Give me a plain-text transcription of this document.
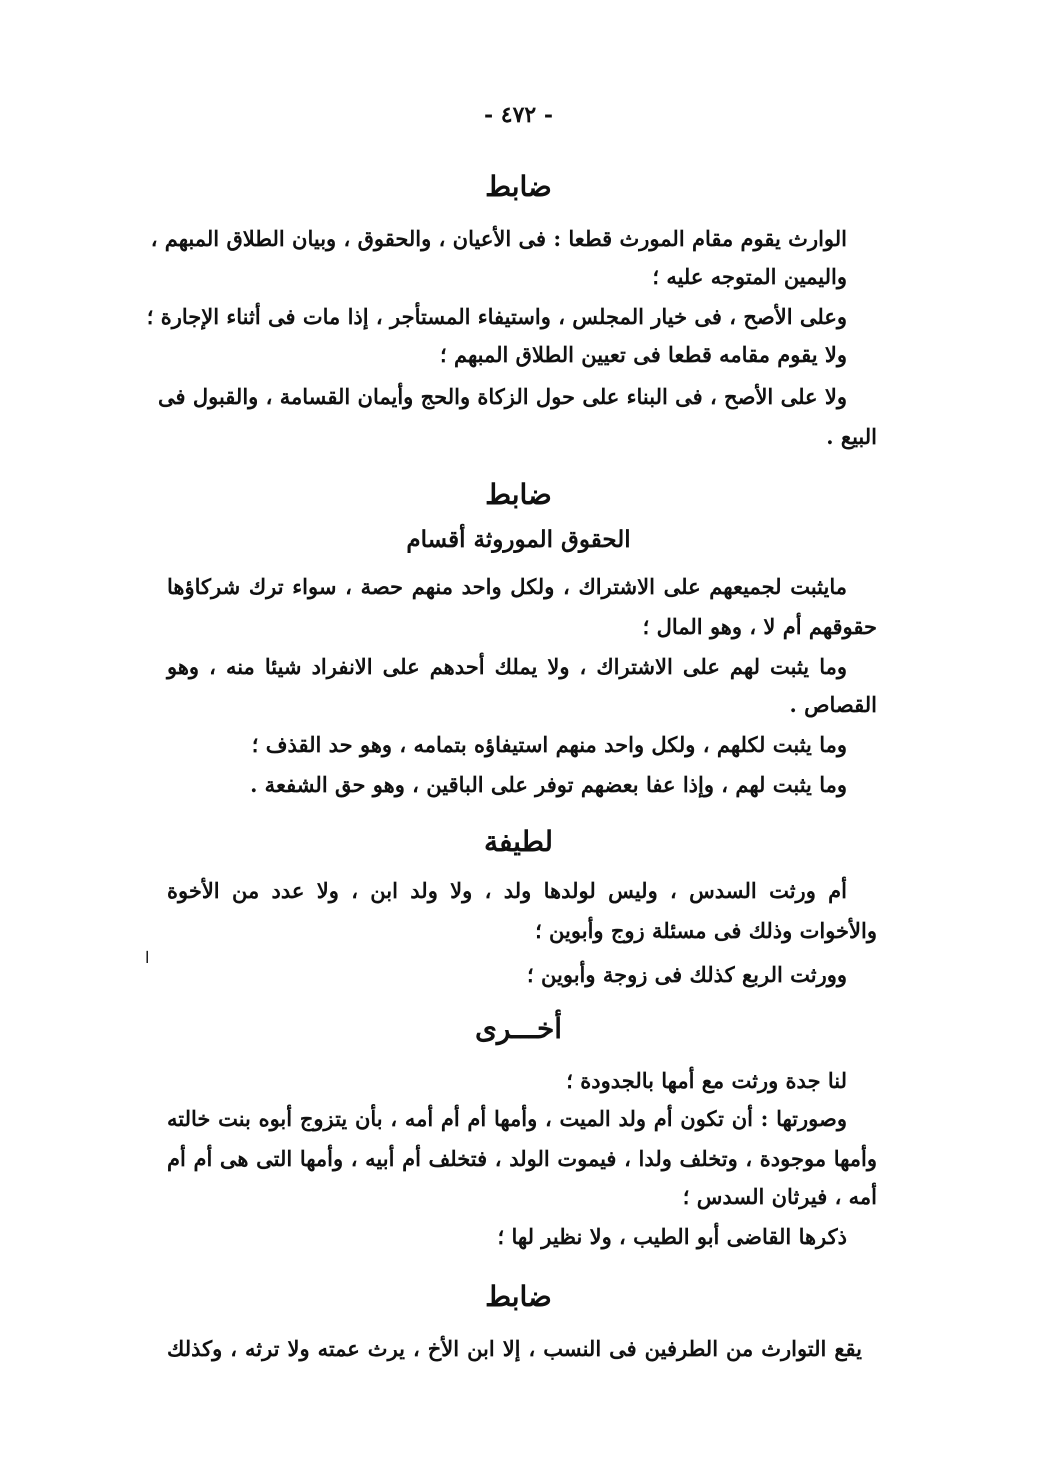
- ٤٧٢ -
ضابط
الوارث يقوم مقام المورث قطعا : فى الأعيان ، والحقوق ، وبيان الطلاق المبهم ،
واليمين المتوجه عليه ؛
وعلى الأصح ، فى خيار المجلس ، واستيفاء المستأجر ، إذا مات فى أثناء الإجارة ؛
ولا يقوم مقامه قطعا فى تعيين الطلاق المبهم ؛
ولا على الأصح ، فى البناء على حول الزكاة والحج وأيمان القسامة ، والقبول فى
البيع .
ضابط
الحقوق الموروثة أقسام
مايثبت لجميعهم على الاشتراك ، ولكل واحد منهم حصة ، سواء ترك شركاؤها
حقوقهم أم لا ، وهو المال ؛
وما يثبت لهم على الاشتراك ، ولا يملك أحدهم على الانفراد شيئا منه ، وهو
القصاص .
وما يثبت لكلهم ، ولكل واحد منهم استيفاؤه بتمامه ، وهو حد القذف ؛
وما يثبت لهم ، وإذا عفا بعضهم توفر على الباقين ، وهو حق الشفعة .
لطيفة
أم ورثت السدس ، وليس لولدها ولد ، ولا ولد ابن ، ولا عدد من الأخوة
والأخوات وذلك فى مسئلة زوج وأبوين ؛
وورثت الربع كذلك فى زوجة وأبوين ؛
ا
أخـــرى
لنا جدة ورثت مع أمها بالجدودة ؛
وصورتها : أن تكون أم ولد الميت ، وأمها أم أم أمه ، بأن يتزوج أبوه بنت خالته
وأمها موجودة ، وتخلف ولدا ، فيموت الولد ، فتخلف أم أبيه ، وأمها التى هى أم أم
أمه ، فيرثان السدس ؛
ذكرها القاضى أبو الطيب ، ولا نظير لها ؛
ضابط
يقع التوارث من الطرفين فى النسب ، إلا ابن الأخ ، يرث عمته ولا ترثه ، وكذلك
